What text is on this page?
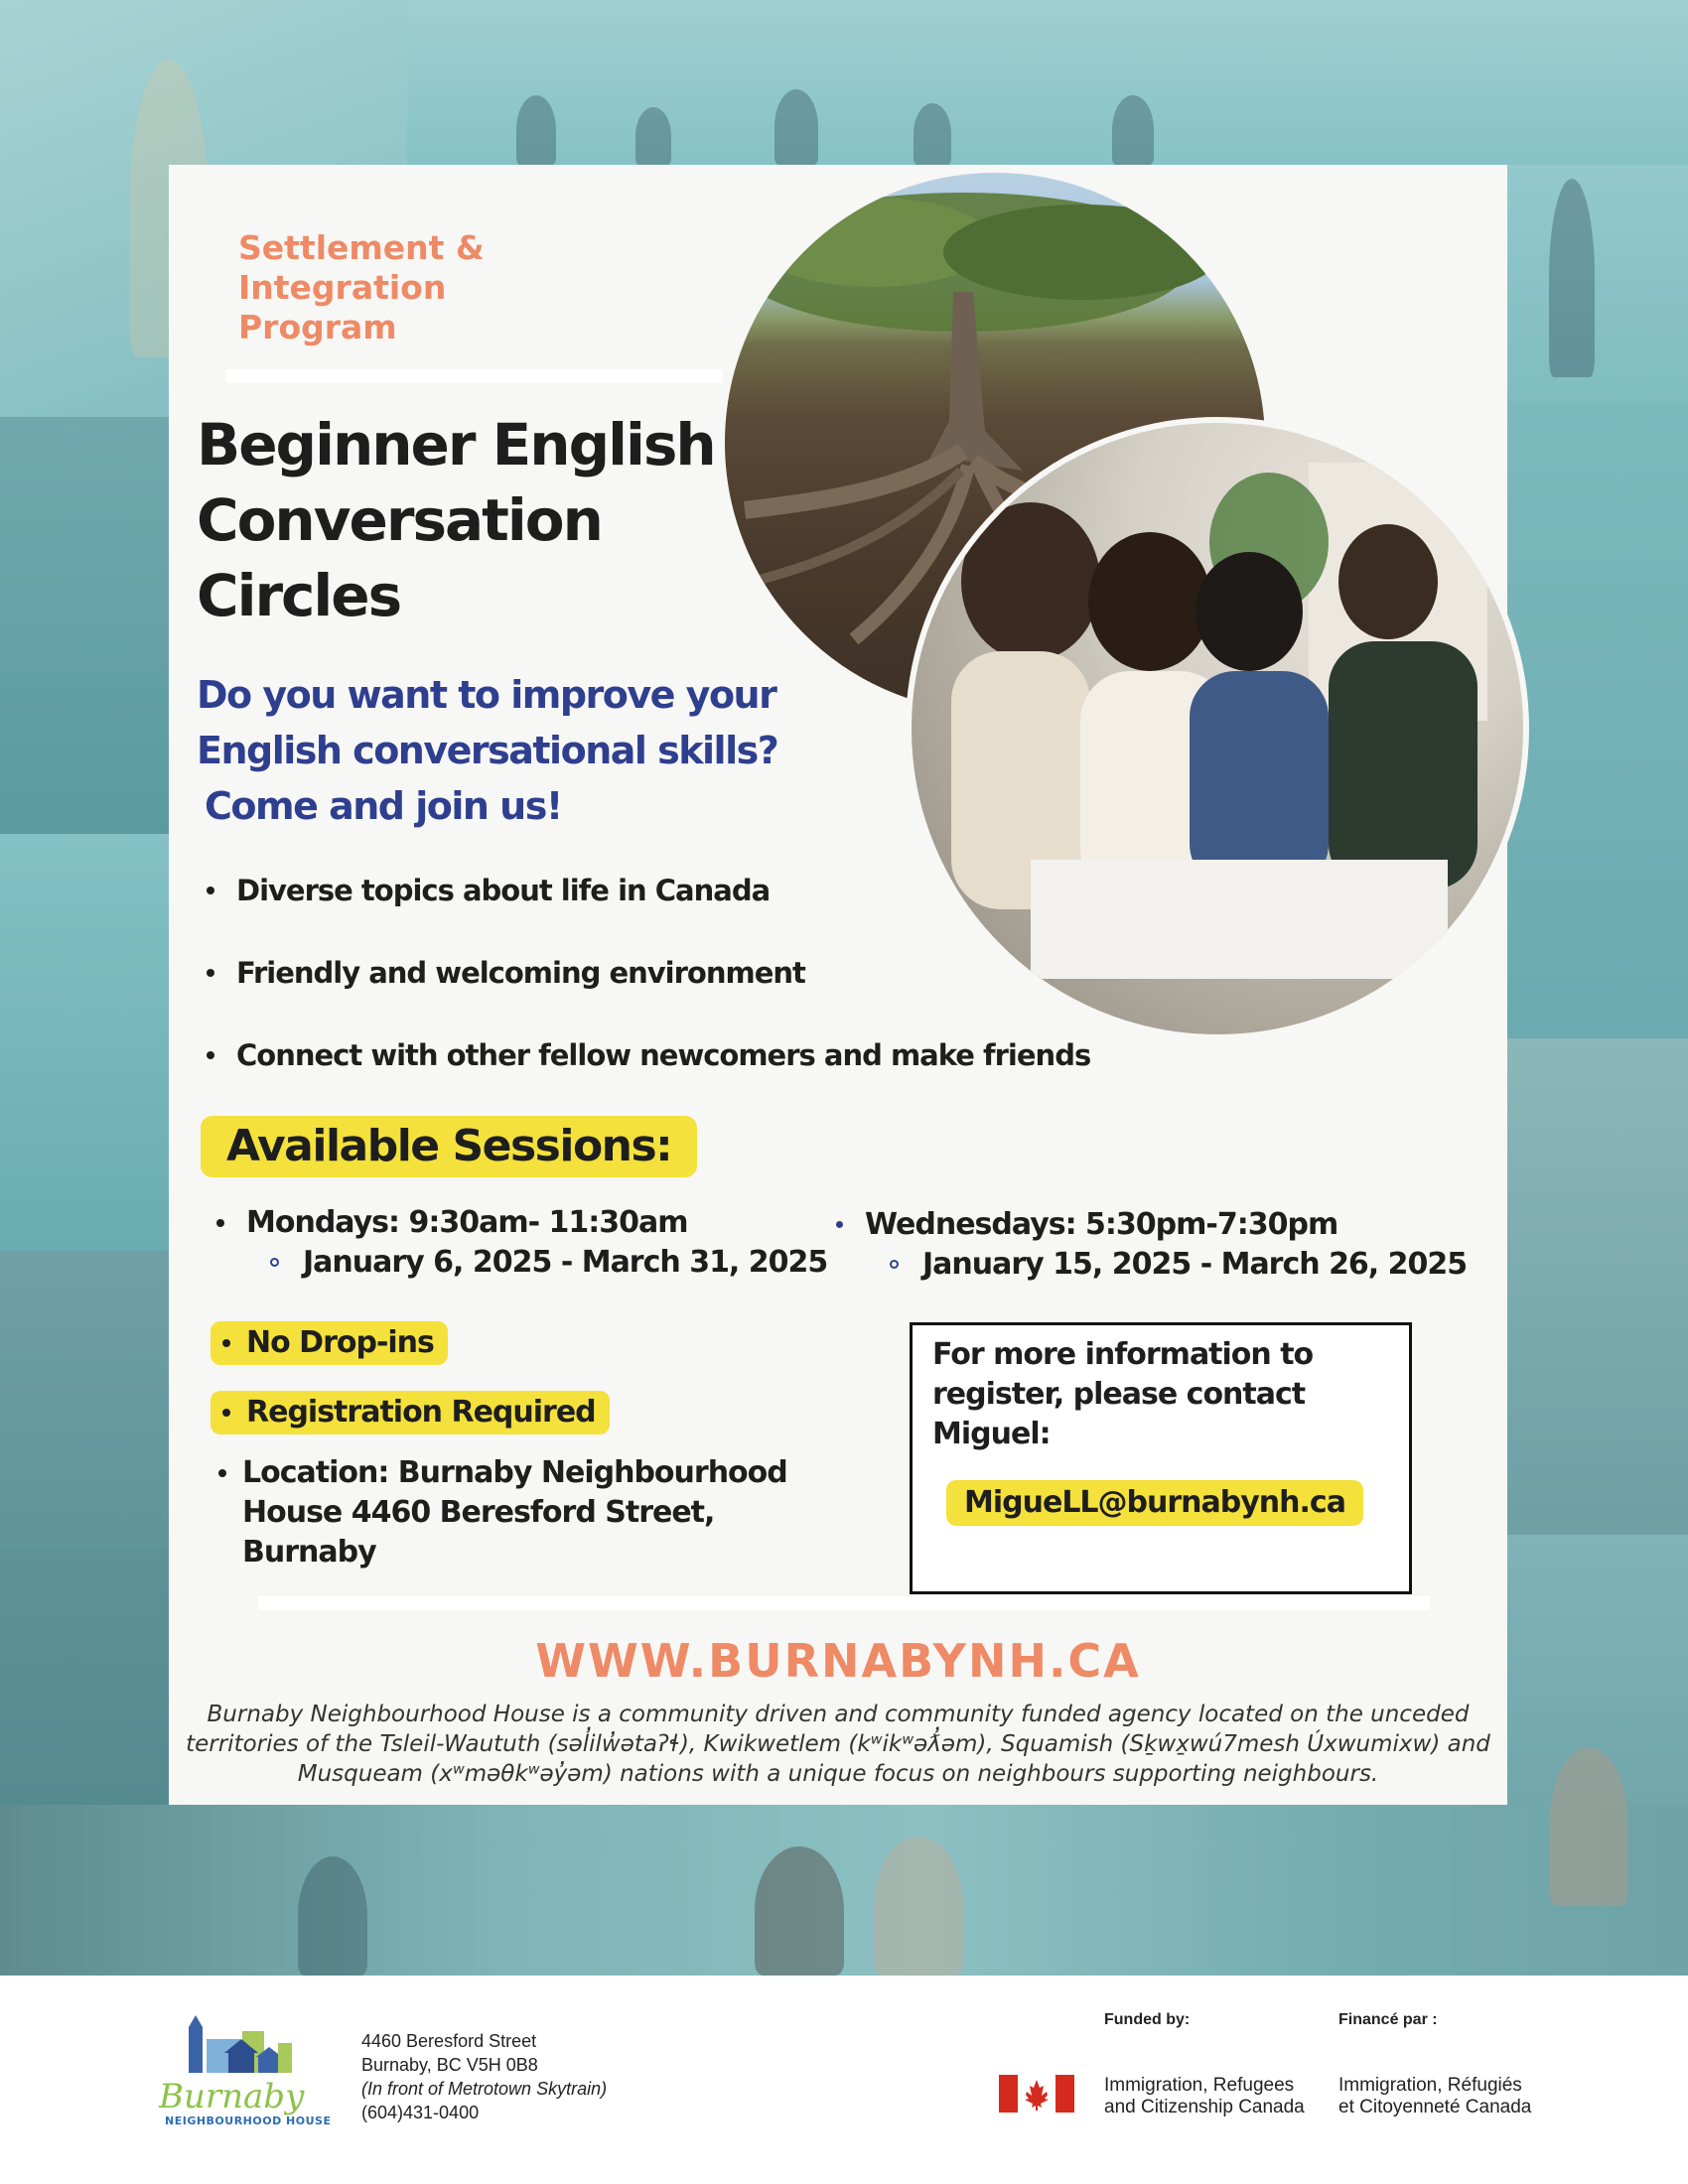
Settlement &
Integration
Program
Beginner English
Conversation
Circles
Do you want to improve your
English conversational skills?
Come and join us!
Diverse topics about life in Canada
Friendly and welcoming environment
Connect with other fellow newcomers and make friends
Available Sessions:
Mondays: 9:30am- 11:30am
January 6, 2025 - March 31, 2025
Wednesdays: 5:30pm-7:30pm
January 15, 2025 - March 26, 2025
No Drop-ins
Registration Required
Location: Burnaby Neighbourhood
House 4460 Beresford Street,
Burnaby
For more information to
register, please contact
Miguel:
MigueLL@burnabynh.ca
WWW.BURNABYNH.CA
Burnaby Neighbourhood House is a community driven and community funded agency located on the unceded territories of the Tsleil-Waututh (səl̓ilw̓ətaʔɬ), Kwikwetlem (kʷikʷəƛ̓əm), Squamish (Sḵwx̱wú7mesh Úxwumixw) and Musqueam (xʷməθkʷəy̓əm) nations with a unique focus on neighbours supporting neighbours.
Burnaby
NEIGHBOURHOOD HOUSE
4460 Beresford Street
Burnaby, BC V5H 0B8
(In front of Metrotown Skytrain)
(604)431-0400
Funded by:	Financé par :
Immigration, Refugees
and Citizenship Canada
Immigration, Réfugiés
et Citoyenneté Canada
